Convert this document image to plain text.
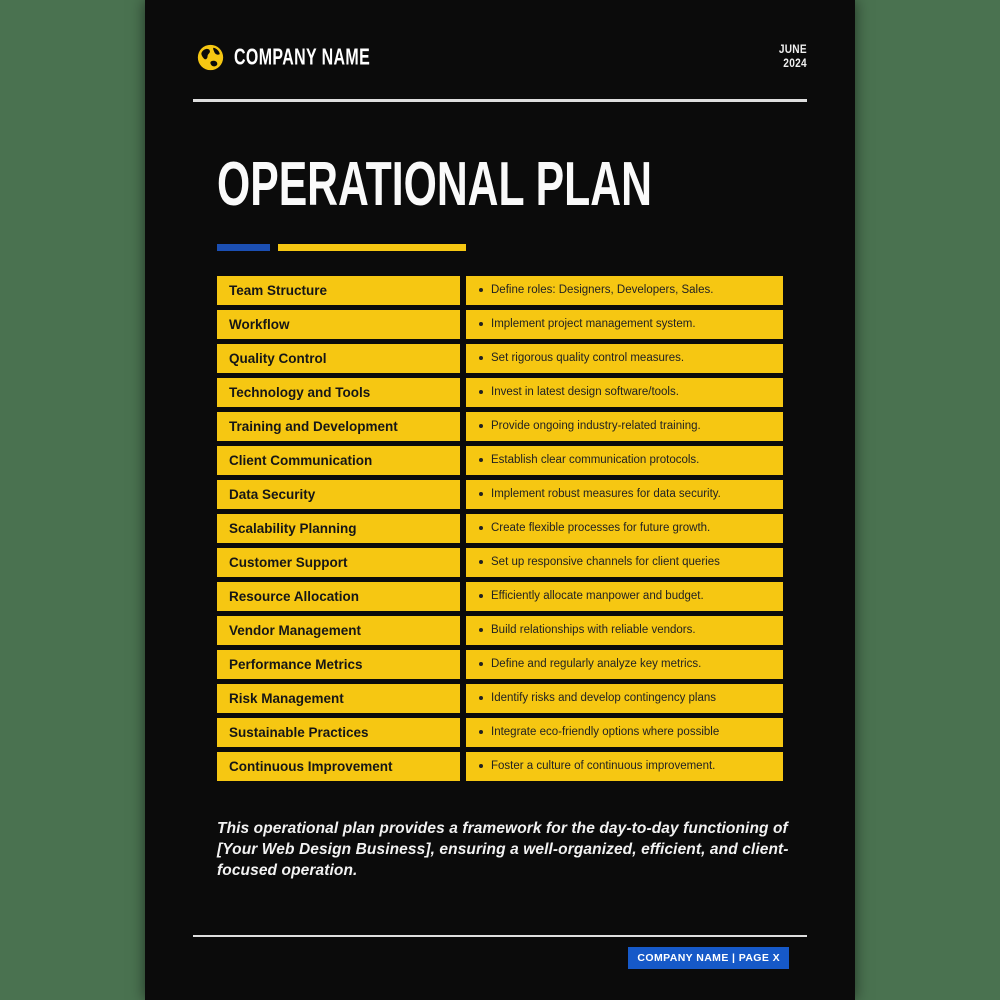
COMPANY NAME	JUNE
2024
OPERATIONAL PLAN
Team Structure	Define roles: Designers, Developers, Sales.
Workflow	Implement project management system.
Quality Control	Set rigorous quality control measures.
Technology and Tools	Invest in latest design software/tools.
Training and Development	Provide ongoing industry-related training.
Client Communication	Establish clear communication protocols.
Data Security	Implement robust measures for data security.
Scalability Planning	Create flexible processes for future growth.
Customer Support	Set up responsive channels for client queries
Resource Allocation	Efficiently allocate manpower and budget.
Vendor Management	Build relationships with reliable vendors.
Performance Metrics	Define and regularly analyze key metrics.
Risk Management	Identify risks and develop contingency plans
Sustainable Practices	Integrate eco-friendly options where possible
Continuous Improvement	Foster a culture of continuous improvement.

This operational plan provides a framework for the day-to-day functioning of [Your Web Design Business], ensuring a well-organized, efficient, and client-focused operation.

COMPANY NAME | PAGE X
